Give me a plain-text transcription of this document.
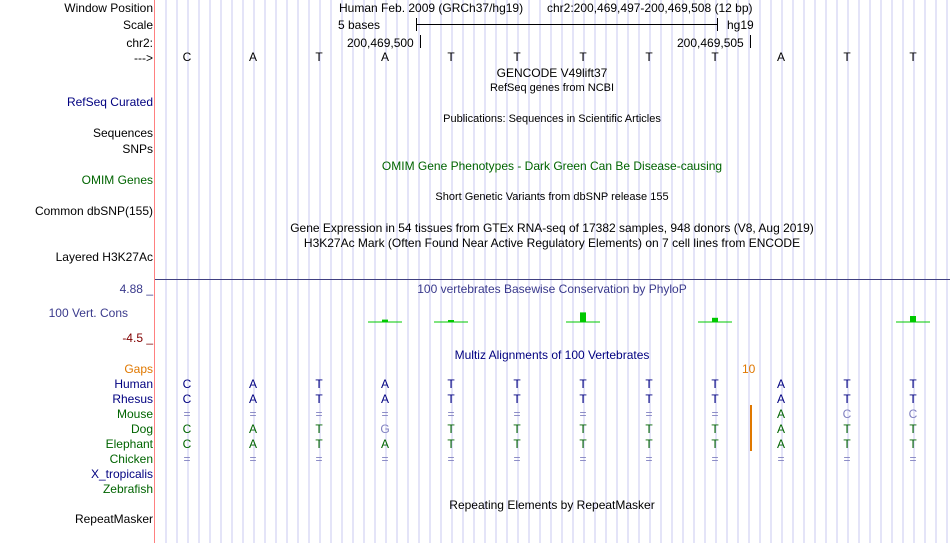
Window Position	Human Feb. 2009 (GRCh37/hg19) chr2:200,469,497-200,469,508 (12 bp)
Scale	5 bases	hg19
chr2:	200,469,500	200,469,505
--->	C	A	T	A	T	T	T	T	T	A	T	T
GENCODE V49lift37
RefSeq genes from NCBI
RefSeq Curated
Publications: Sequences in Scientific Articles
Sequences
SNPs
OMIM Gene Phenotypes - Dark Green Can Be Disease-causing
OMIM Genes
Short Genetic Variants from dbSNP release 155
Common dbSNP(155)
Gene Expression in 54 tissues from GTEx RNA-seq of 17382 samples, 948 donors (V8, Aug 2019)
H3K27Ac Mark (Often Found Near Active Regulatory Elements) on 7 cell lines from ENCODE
Layered H3K27Ac
100 vertebrates Basewise Conservation by PhyloP
4.88 _
100 Vert. Cons
-4.5 _
Multiz Alignments of 100 Vertebrates
Gaps	10
Human	C	A	T	A	T	T	T	T	T	A	T	T
Rhesus	C	A	T	A	T	T	T	T	T	A	T	T
Mouse	=	=	=	=	=	=	=	=	=	A	C	C
Dog	C	A	T	G	T	T	T	T	T	A	T	T
Elephant	C	A	T	A	T	T	T	T	T	A	T	T
Chicken	=	=	=	=	=	=	=	=	=	=	=	=
X_tropicalis
Zebrafish
Repeating Elements by RepeatMasker
RepeatMasker
